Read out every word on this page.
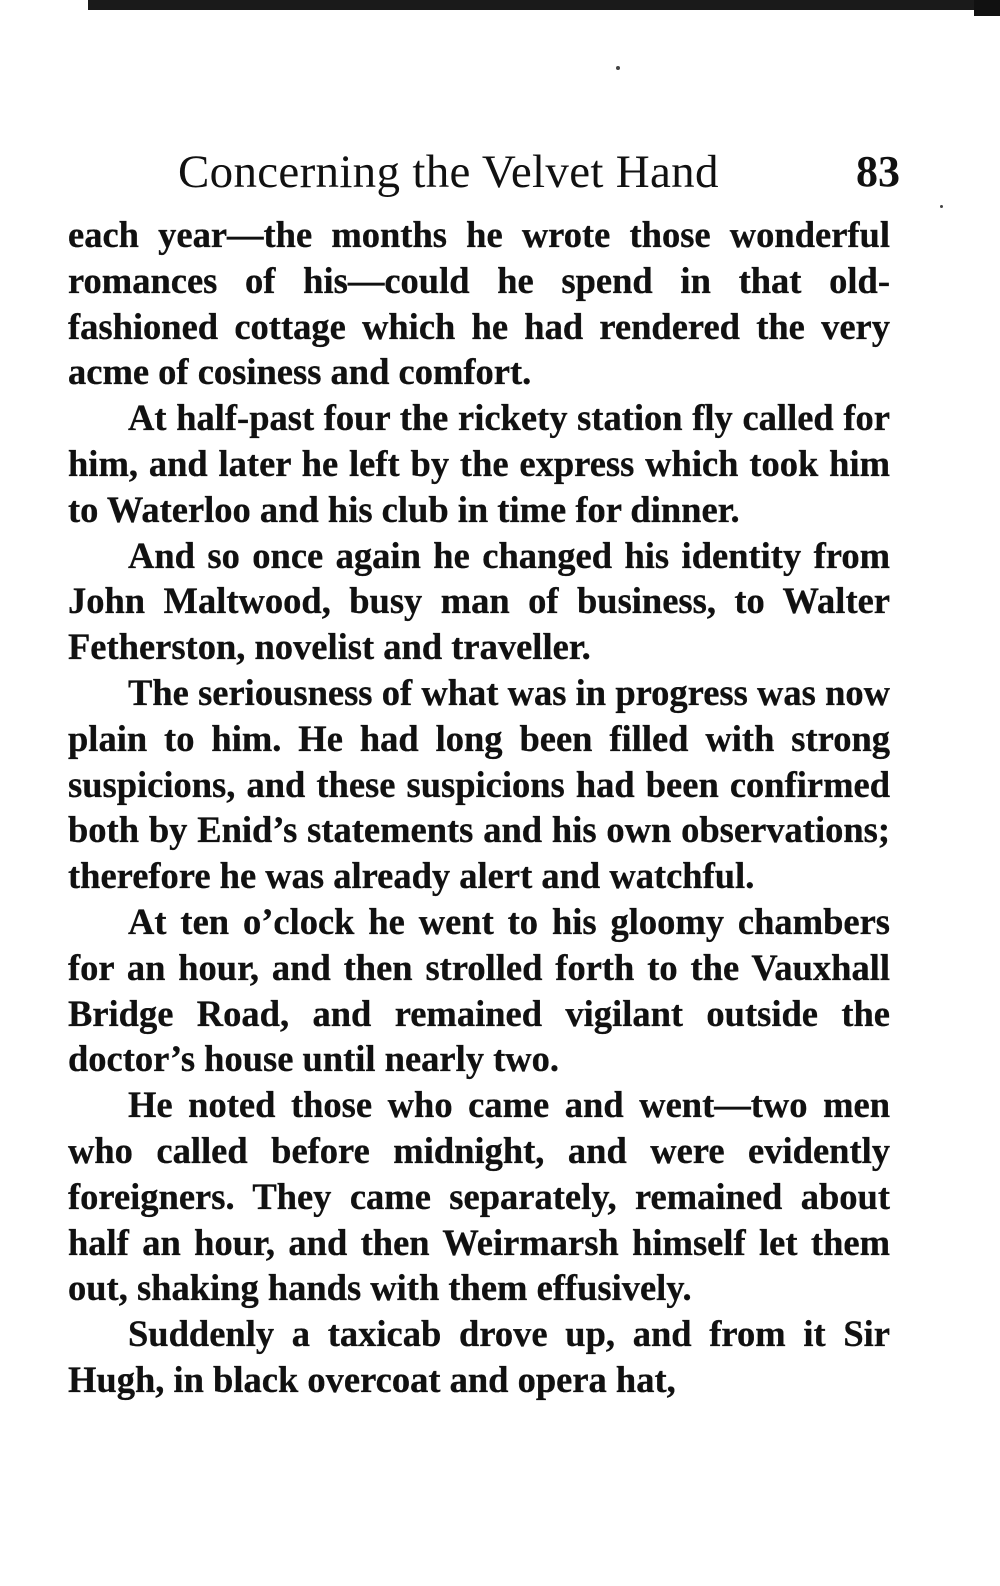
Concerning the Velvet Hand	83

each year—the months he wrote those wonderful romances of his—could he spend in that old-fashioned cottage which he had rendered the very acme of cosiness and comfort.

At half-past four the rickety station fly called for him, and later he left by the express which took him to Waterloo and his club in time for dinner.

And so once again he changed his identity from John Maltwood, busy man of business, to Walter Fetherston, novelist and traveller.

The seriousness of what was in progress was now plain to him. He had long been filled with strong suspicions, and these suspicions had been confirmed both by Enid’s statements and his own observations; therefore he was already alert and watchful.

At ten o’clock he went to his gloomy chambers for an hour, and then strolled forth to the Vauxhall Bridge Road, and remained vigilant outside the doctor’s house until nearly two.

He noted those who came and went—two men who called before midnight, and were evidently foreigners. They came separately, remained about half an hour, and then Weirmarsh himself let them out, shaking hands with them effusively.

Suddenly a taxicab drove up, and from it Sir Hugh, in black overcoat and opera hat,
